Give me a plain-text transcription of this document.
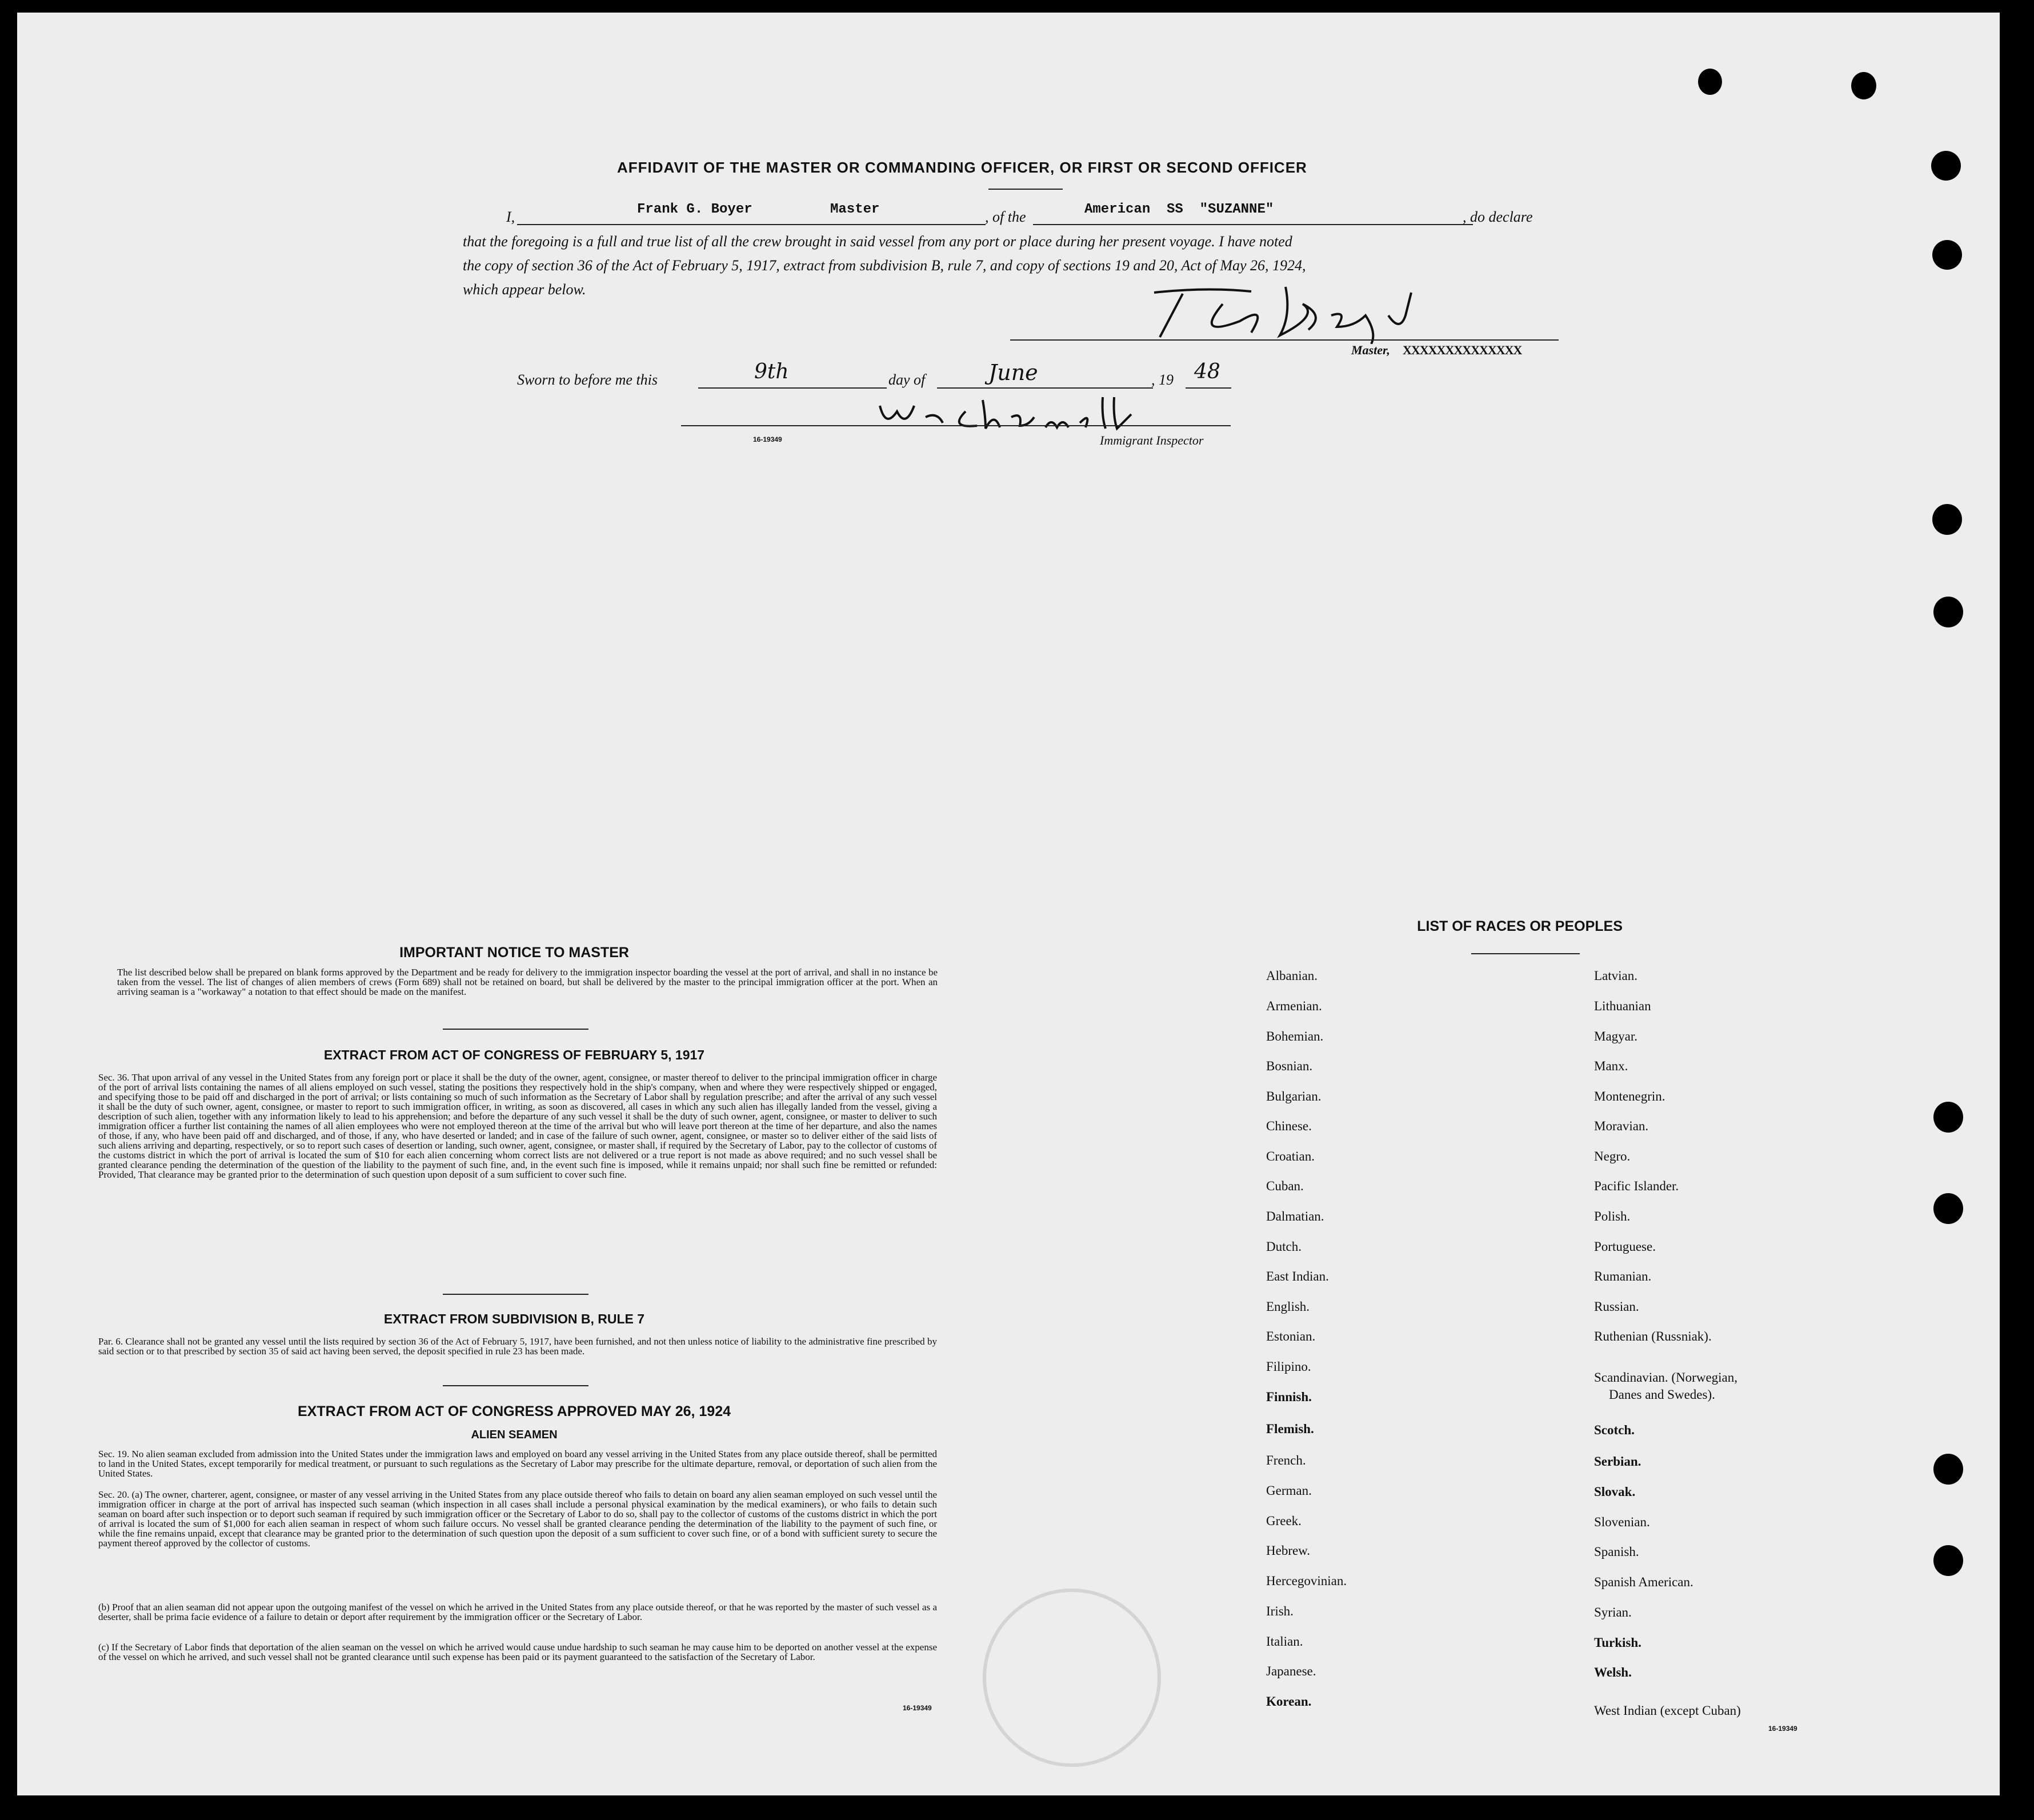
AFFIDAVIT OF THE MASTER OR COMMANDING OFFICER, OR FIRST OR SECOND OFFICER
I,	Frank G. Boyer	Master	, of the	American  SS  "SUZANNE"	, do declare
that the foregoing is a full and true list of all the crew brought in said vessel from any port or place during her present voyage. I have noted
the copy of section 36 of the Act of February 5, 1917, extract from subdivision B, rule 7, and copy of sections 19 and 20, Act of May 26, 1924,
which appear below.
Master, XXXXXXXXXXXXXX
Sworn to before me this	9th	day of	June	, 19 48
16-19349	Immigrant Inspector
IMPORTANT NOTICE TO MASTER
The list described below shall be prepared on blank forms approved by the Department and be ready for delivery to the immigration inspector boarding the vessel at the port of arrival, and shall in no instance be taken from the vessel. The list of changes of alien members of crews (Form 689) shall not be retained on board, but shall be delivered by the master to the principal immigration officer at the port. When an arriving seaman is a "workaway" a notation to that effect should be made on the manifest.
EXTRACT FROM ACT OF CONGRESS OF FEBRUARY 5, 1917
Sec. 36. That upon arrival of any vessel in the United States from any foreign port or place it shall be the duty of the owner, agent, consignee, or master thereof to deliver to the principal immigration officer in charge of the port of arrival lists containing the names of all aliens employed on such vessel, stating the positions they respectively hold in the ship's company, when and where they were respectively shipped or engaged, and specifying those to be paid off and discharged in the port of arrival; or lists containing so much of such information as the Secretary of Labor shall by regulation prescribe; and after the arrival of any such vessel it shall be the duty of such owner, agent, consignee, or master to report to such immigration officer, in writing, as soon as discovered, all cases in which any such alien has illegally landed from the vessel, giving a description of such alien, together with any information likely to lead to his apprehension; and before the departure of any such vessel it shall be the duty of such owner, agent, consignee, or master to deliver to such immigration officer a further list containing the names of all alien employees who were not employed thereon at the time of the arrival but who will leave port thereon at the time of her departure, and also the names of those, if any, who have been paid off and discharged, and of those, if any, who have deserted or landed; and in case of the failure of such owner, agent, consignee, or master so to deliver either of the said lists of such aliens arriving and departing, respectively, or so to report such cases of desertion or landing, such owner, agent, consignee, or master shall, if required by the Secretary of Labor, pay to the collector of customs of the customs district in which the port of arrival is located the sum of $10 for each alien concerning whom correct lists are not delivered or a true report is not made as above required; and no such vessel shall be granted clearance pending the determination of the question of the liability to the payment of such fine, and, in the event such fine is imposed, while it remains unpaid; nor shall such fine be remitted or refunded: Provided, That clearance may be granted prior to the determination of such question upon deposit of a sum sufficient to cover such fine.
EXTRACT FROM SUBDIVISION B, RULE 7
Par. 6. Clearance shall not be granted any vessel until the lists required by section 36 of the Act of February 5, 1917, have been furnished, and not then unless notice of liability to the administrative fine prescribed by said section or to that prescribed by section 35 of said act having been served, the deposit specified in rule 23 has been made.
EXTRACT FROM ACT OF CONGRESS APPROVED MAY 26, 1924
ALIEN SEAMEN
Sec. 19. No alien seaman excluded from admission into the United States under the immigration laws and employed on board any vessel arriving in the United States from any place outside thereof, shall be permitted to land in the United States, except temporarily for medical treatment, or pursuant to such regulations as the Secretary of Labor may prescribe for the ultimate departure, removal, or deportation of such alien from the United States.
Sec. 20. (a) The owner, charterer, agent, consignee, or master of any vessel arriving in the United States from any place outside thereof who fails to detain on board any alien seaman employed on such vessel until the immigration officer in charge at the port of arrival has inspected such seaman (which inspection in all cases shall include a personal physical examination by the medical examiners), or who fails to detain such seaman on board after such inspection or to deport such seaman if required by such immigration officer or the Secretary of Labor to do so, shall pay to the collector of customs of the customs district in which the port of arrival is located the sum of $1,000 for each alien seaman in respect of whom such failure occurs. No vessel shall be granted clearance pending the determination of the liability to the payment of such fine, or while the fine remains unpaid, except that clearance may be granted prior to the determination of such question upon the deposit of a sum sufficient to cover such fine, or of a bond with sufficient surety to secure the payment thereof approved by the collector of customs.
(b) Proof that an alien seaman did not appear upon the outgoing manifest of the vessel on which he arrived in the United States from any place outside thereof, or that he was reported by the master of such vessel as a deserter, shall be prima facie evidence of a failure to detain or deport after requirement by the immigration officer or the Secretary of Labor.
(c) If the Secretary of Labor finds that deportation of the alien seaman on the vessel on which he arrived would cause undue hardship to such seaman he may cause him to be deported on another vessel at the expense of the vessel on which he arrived, and such vessel shall not be granted clearance until such expense has been paid or its payment guaranteed to the satisfaction of the Secretary of Labor.
16-19349
LIST OF RACES OR PEOPLES
Albanian.
Armenian.
Bohemian.
Bosnian.
Bulgarian.
Chinese.
Croatian.
Cuban.
Dalmatian.
Dutch.
East Indian.
English.
Estonian.
Filipino.
Finnish.
Flemish.
French.
German.
Greek.
Hebrew.
Hercegovinian.
Irish.
Italian.
Japanese.
Korean.
Latvian.
Lithuanian
Magyar.
Manx.
Montenegrin.
Moravian.
Negro.
Pacific Islander.
Polish.
Portuguese.
Rumanian.
Russian.
Ruthenian (Russniak).
Scandinavian. (Norwegian,
Danes and Swedes).
Scotch.
Serbian.
Slovak.
Slovenian.
Spanish.
Spanish American.
Syrian.
Turkish.
Welsh.
West Indian (except Cuban)
16-19349
